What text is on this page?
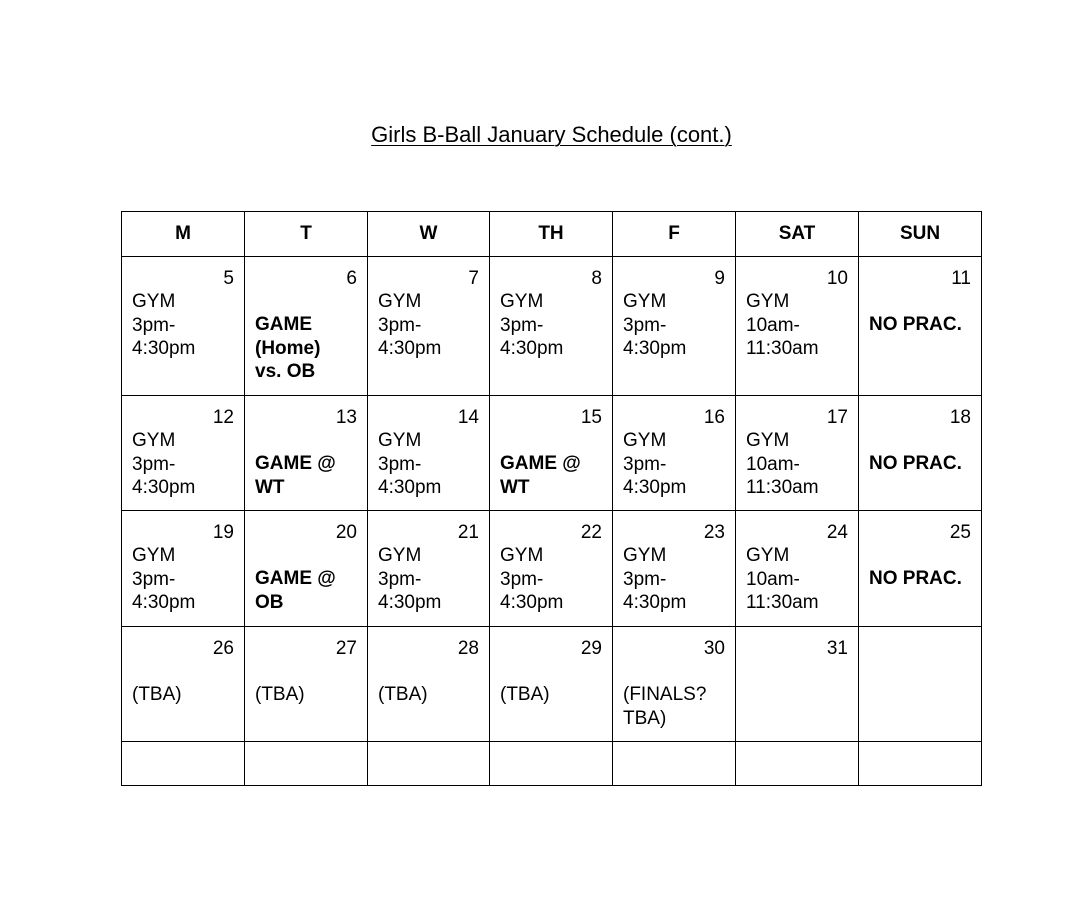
Girls B-Ball January Schedule (cont.)
M	T	W	TH	F	SAT	SUN

5
GYM
3pm-
4:30pm	6
GAME
(Home)
vs. OB	7
GYM
3pm-
4:30pm	8
GYM
3pm-
4:30pm	9
GYM
3pm-
4:30pm	10
GYM
10am-
11:30am	11
NO PRAC.

12
GYM
3pm-
4:30pm	13
GAME @
WT	14
GYM
3pm-
4:30pm	15
GAME @
WT	16
GYM
3pm-
4:30pm	17
GYM
10am-
11:30am	18
NO PRAC.

19
GYM
3pm-
4:30pm	20
GAME @
OB	21
GYM
3pm-
4:30pm	22
GYM
3pm-
4:30pm	23
GYM
3pm-
4:30pm	24
GYM
10am-
11:30am	25
NO PRAC.

26
(TBA)	27
(TBA)	28
(TBA)	29
(TBA)	30
(FINALS?
TBA)	31	
